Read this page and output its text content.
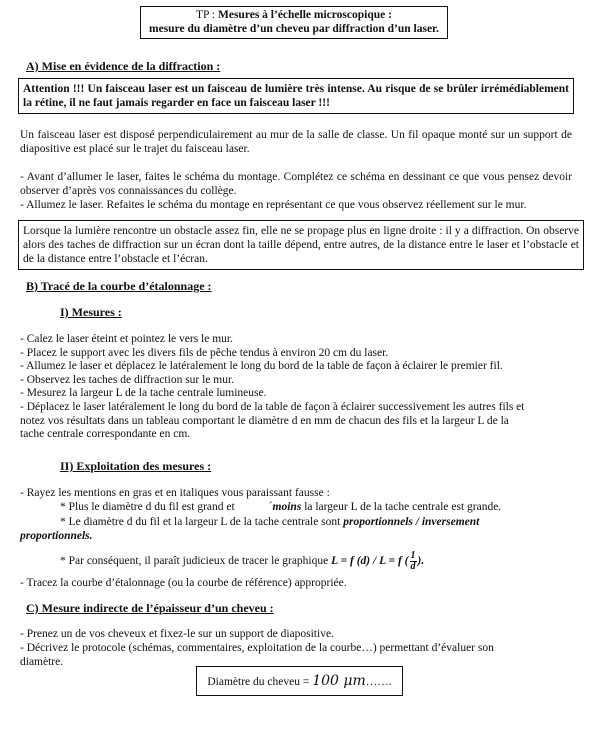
TP : Mesures à l’échelle microscopique :
mesure du diamètre d’un cheveu par diffraction d’un laser.
A) Mise en évidence de la diffraction :
Attention !!! Un faisceau laser est un faisceau de lumière très intense. Au risque de se brûler irrémédiablement la rétine, il ne faut jamais regarder en face un faisceau laser !!!
Un faisceau laser est disposé perpendiculairement au mur de la salle de classe. Un fil opaque monté sur un support de diapositive est placé sur le trajet du faisceau laser.
- Avant d’allumer le laser, faites le schéma du montage. Complétez ce schéma en dessinant ce que vous pensez devoir observer d’après vos connaissances du collège.
- Allumez le laser. Refaites le schéma du montage en représentant ce que vous observez réellement sur le mur.
Lorsque la lumière rencontre un obstacle assez fin, elle ne se propage plus en ligne droite : il y a diffraction. On observe alors des taches de diffraction sur un écran dont la taille dépend, entre autres, de la distance entre le laser et l’obstacle et de la distance entre l’obstacle et l’écran.
B) Tracé de la courbe d’étalonnage :
I) Mesures :
- Calez le laser éteint et pointez le vers le mur.
- Placez le support avec les divers fils de pêche tendus à environ 20 cm du laser.
- Allumez le laser et déplacez le latéralement le long du bord de la table de façon à éclairer le premier fil.
- Observez les taches de diffraction sur le mur.
- Mesurez la largeur L de la tache centrale lumineuse.
- Déplacez le laser latéralement le long du bord de la table de façon à éclairer successivement les autres fils et
notez vos résultats dans un tableau comportant le diamètre d en mm de chacun des fils et la largeur L de la
tache centrale correspondante en cm.
II) Exploitation des mesures :
- Rayez les mentions en gras et en italiques vous paraissant fausse :
* Plus le diamètre d du fil est grand et	´moins la largeur L de la tache centrale est grande.
* Le diamètre d du fil et la largeur L de la tache centrale sont proportionnels / inversement
proportionnels.
* Par conséquent, il paraît judicieux de tracer le graphique L = f (d) / L = f ( $\frac{1}{d}$ ).
- Tracez la courbe d’étalonnage (ou la courbe de référence) appropriée.
C) Mesure indirecte de l’épaisseur d’un cheveu :
- Prenez un de vos cheveux et fixez-le sur un support de diapositive.
- Décrivez le protocole (schémas, commentaires, exploitation de la courbe…) permettant d’évaluer son
diamètre.
Diamètre du cheveu = 100 μm…….
